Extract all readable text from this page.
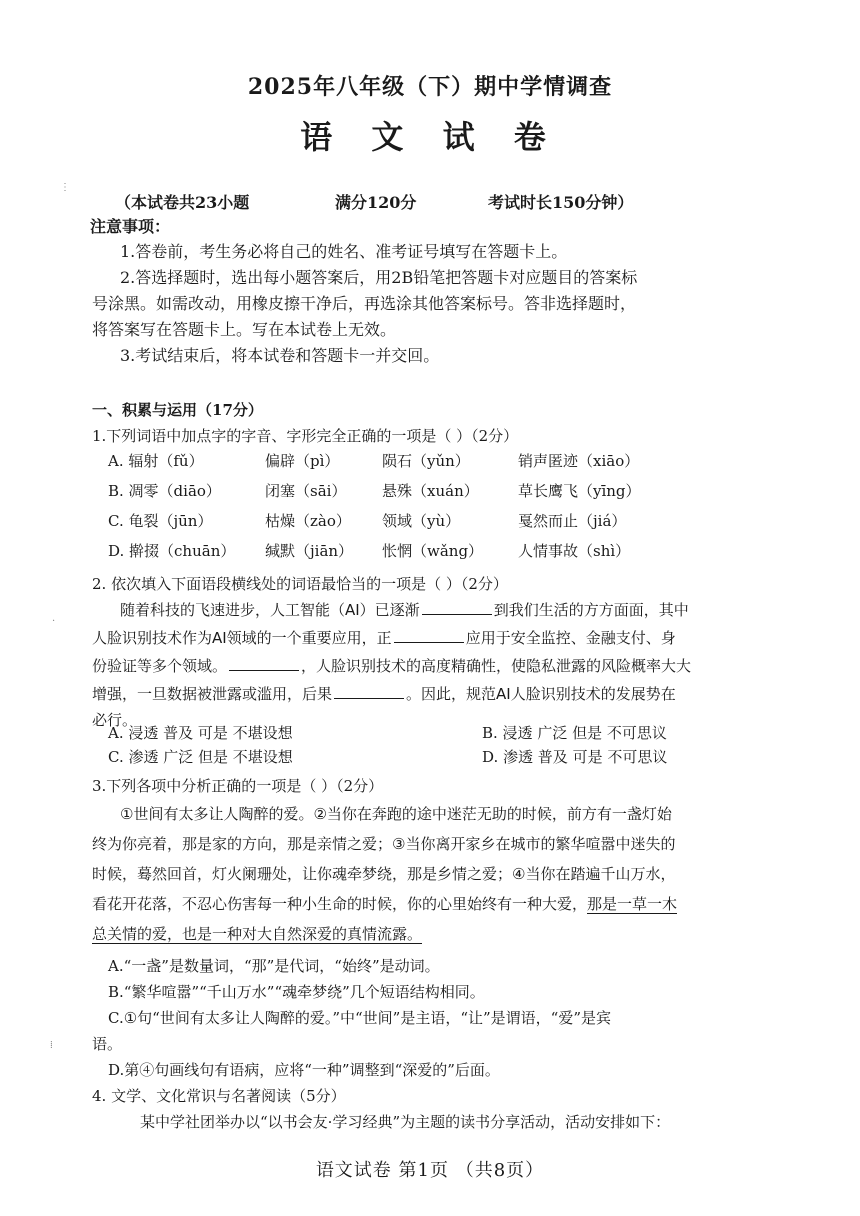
2025年八年级（下）期中学情调查
语 文 试 卷
⋮
·
⁞
（本试卷共23小题	满分120分	考试时长150分钟）
注意事项：
1.答卷前，考生务必将自己的姓名、准考证号填写在答题卡上。
2.答选择题时，选出每小题答案后，用2B铅笔把答题卡对应题目的答案标
号涂黑。如需改动，用橡皮擦干净后，再选涂其他答案标号。答非选择题时，
将答案写在答题卡上。写在本试卷上无效。
3.考试结束后，将本试卷和答题卡一并交回。
一、积累与运用（17分）
1.下列词语中加点字的字音、字形完全正确的一项是（ ）（2分）
A. 辐射（fǔ）	偏辟（pì）	陨石（yǔn）	销声匿迹（xiāo）
B. 凋零（diāo）	闭塞（sāi） 悬殊（xuán）	草长鹰飞（yīng）
C. 龟裂（jūn）	枯燥（zào） 领域（yù）	戛然而止（jiá）
D. 擀掇（chuān） 缄默（jiān） 怅惘（wǎng） 人情事故（shì）
2. 依次填入下面语段横线处的词语最恰当的一项是（ ）（2分）
随着科技的飞速进步，人工智能（AI）已逐渐	到我们生活的方方面面，其中
人脸识别技术作为AI领域的一个重要应用，正	应用于安全监控、金融支付、身
份验证等多个领域。	，人脸识别技术的高度精确性，使隐私泄露的风险概率大大
增强，一旦数据被泄露或滥用，后果	。因此，规范AI人脸识别技术的发展势在
必行。
A. 浸透 普及 可是 不堪设想	B. 浸透 广泛 但是 不可思议
C. 渗透 广泛 但是 不堪设想	D. 渗透 普及 可是 不可思议
3.下列各项中分析正确的一项是（ ）（2分）
①世间有太多让人陶醉的爱。②当你在奔跑的途中迷茫无助的时候，前方有一盏灯始
终为你亮着，那是家的方向，那是亲情之爱；③当你离开家乡在城市的繁华喧嚣中迷失的
时候，蓦然回首，灯火阑珊处，让你魂牵梦绕，那是乡情之爱；④当你在踏遍千山万水，
看花开花落，不忍心伤害每一种小生命的时候，你的心里始终有一种大爱，那是一草一木
总关情的爱，也是一种对大自然深爱的真情流露。
A.“一盏”是数量词，“那”是代词，“始终”是动词。
B.“繁华喧嚣”“千山万水”“魂牵梦绕”几个短语结构相同。
C.①句“世间有太多让人陶醉的爱。”中“世间”是主语，“让”是谓语，“爱”是宾
语。
D.第④句画线句有语病，应将“一种”调整到“深爱的”后面。
4. 文学、文化常识与名著阅读（5分）
某中学社团举办以“以书会友·学习经典”为主题的读书分享活动，活动安排如下：
语文试卷 第1页 （共8页）
